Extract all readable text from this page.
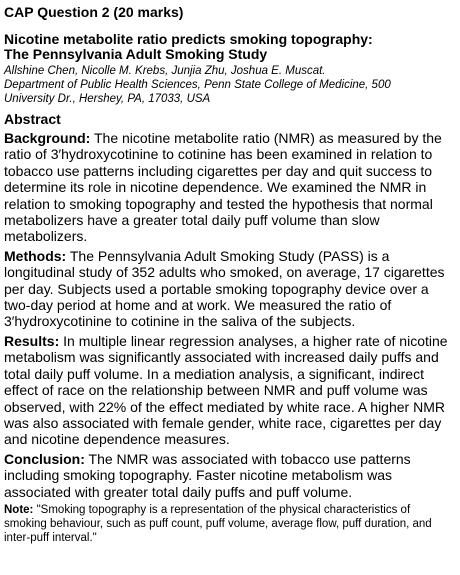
CAP Question 2 (20 marks)
Nicotine metabolite ratio predicts smoking topography:
The Pennsylvania Adult Smoking Study
Allshine Chen, Nicolle M. Krebs, Junjia Zhu, Joshua E. Muscat.
Department of Public Health Sciences, Penn State College of Medicine, 500
University Dr., Hershey, PA, 17033, USA
Abstract
Background: The nicotine metabolite ratio (NMR) as measured by the ratio of 3′hydroxycotinine to cotinine has been examined in relation to tobacco use patterns including cigarettes per day and quit success to determine its role in nicotine dependence. We examined the NMR in relation to smoking topography and tested the hypothesis that normal metabolizers have a greater total daily puff volume than slow metabolizers.
Methods: The Pennsylvania Adult Smoking Study (PASS) is a longitudinal study of 352 adults who smoked, on average, 17 cigarettes per day. Subjects used a portable smoking topography device over a two-day period at home and at work. We measured the ratio of 3′hydroxycotinine to cotinine in the saliva of the subjects.
Results: In multiple linear regression analyses, a higher rate of nicotine metabolism was significantly associated with increased daily puffs and total daily puff volume. In a mediation analysis, a significant, indirect effect of race on the relationship between NMR and puff volume was observed, with 22% of the effect mediated by white race. A higher NMR was also associated with female gender, white race, cigarettes per day and nicotine dependence measures.
Conclusion: The NMR was associated with tobacco use patterns including smoking topography. Faster nicotine metabolism was associated with greater total daily puffs and puff volume.
Note: "Smoking topography is a representation of the physical characteristics of smoking behaviour, such as puff count, puff volume, average flow, puff duration, and inter-puff interval."
